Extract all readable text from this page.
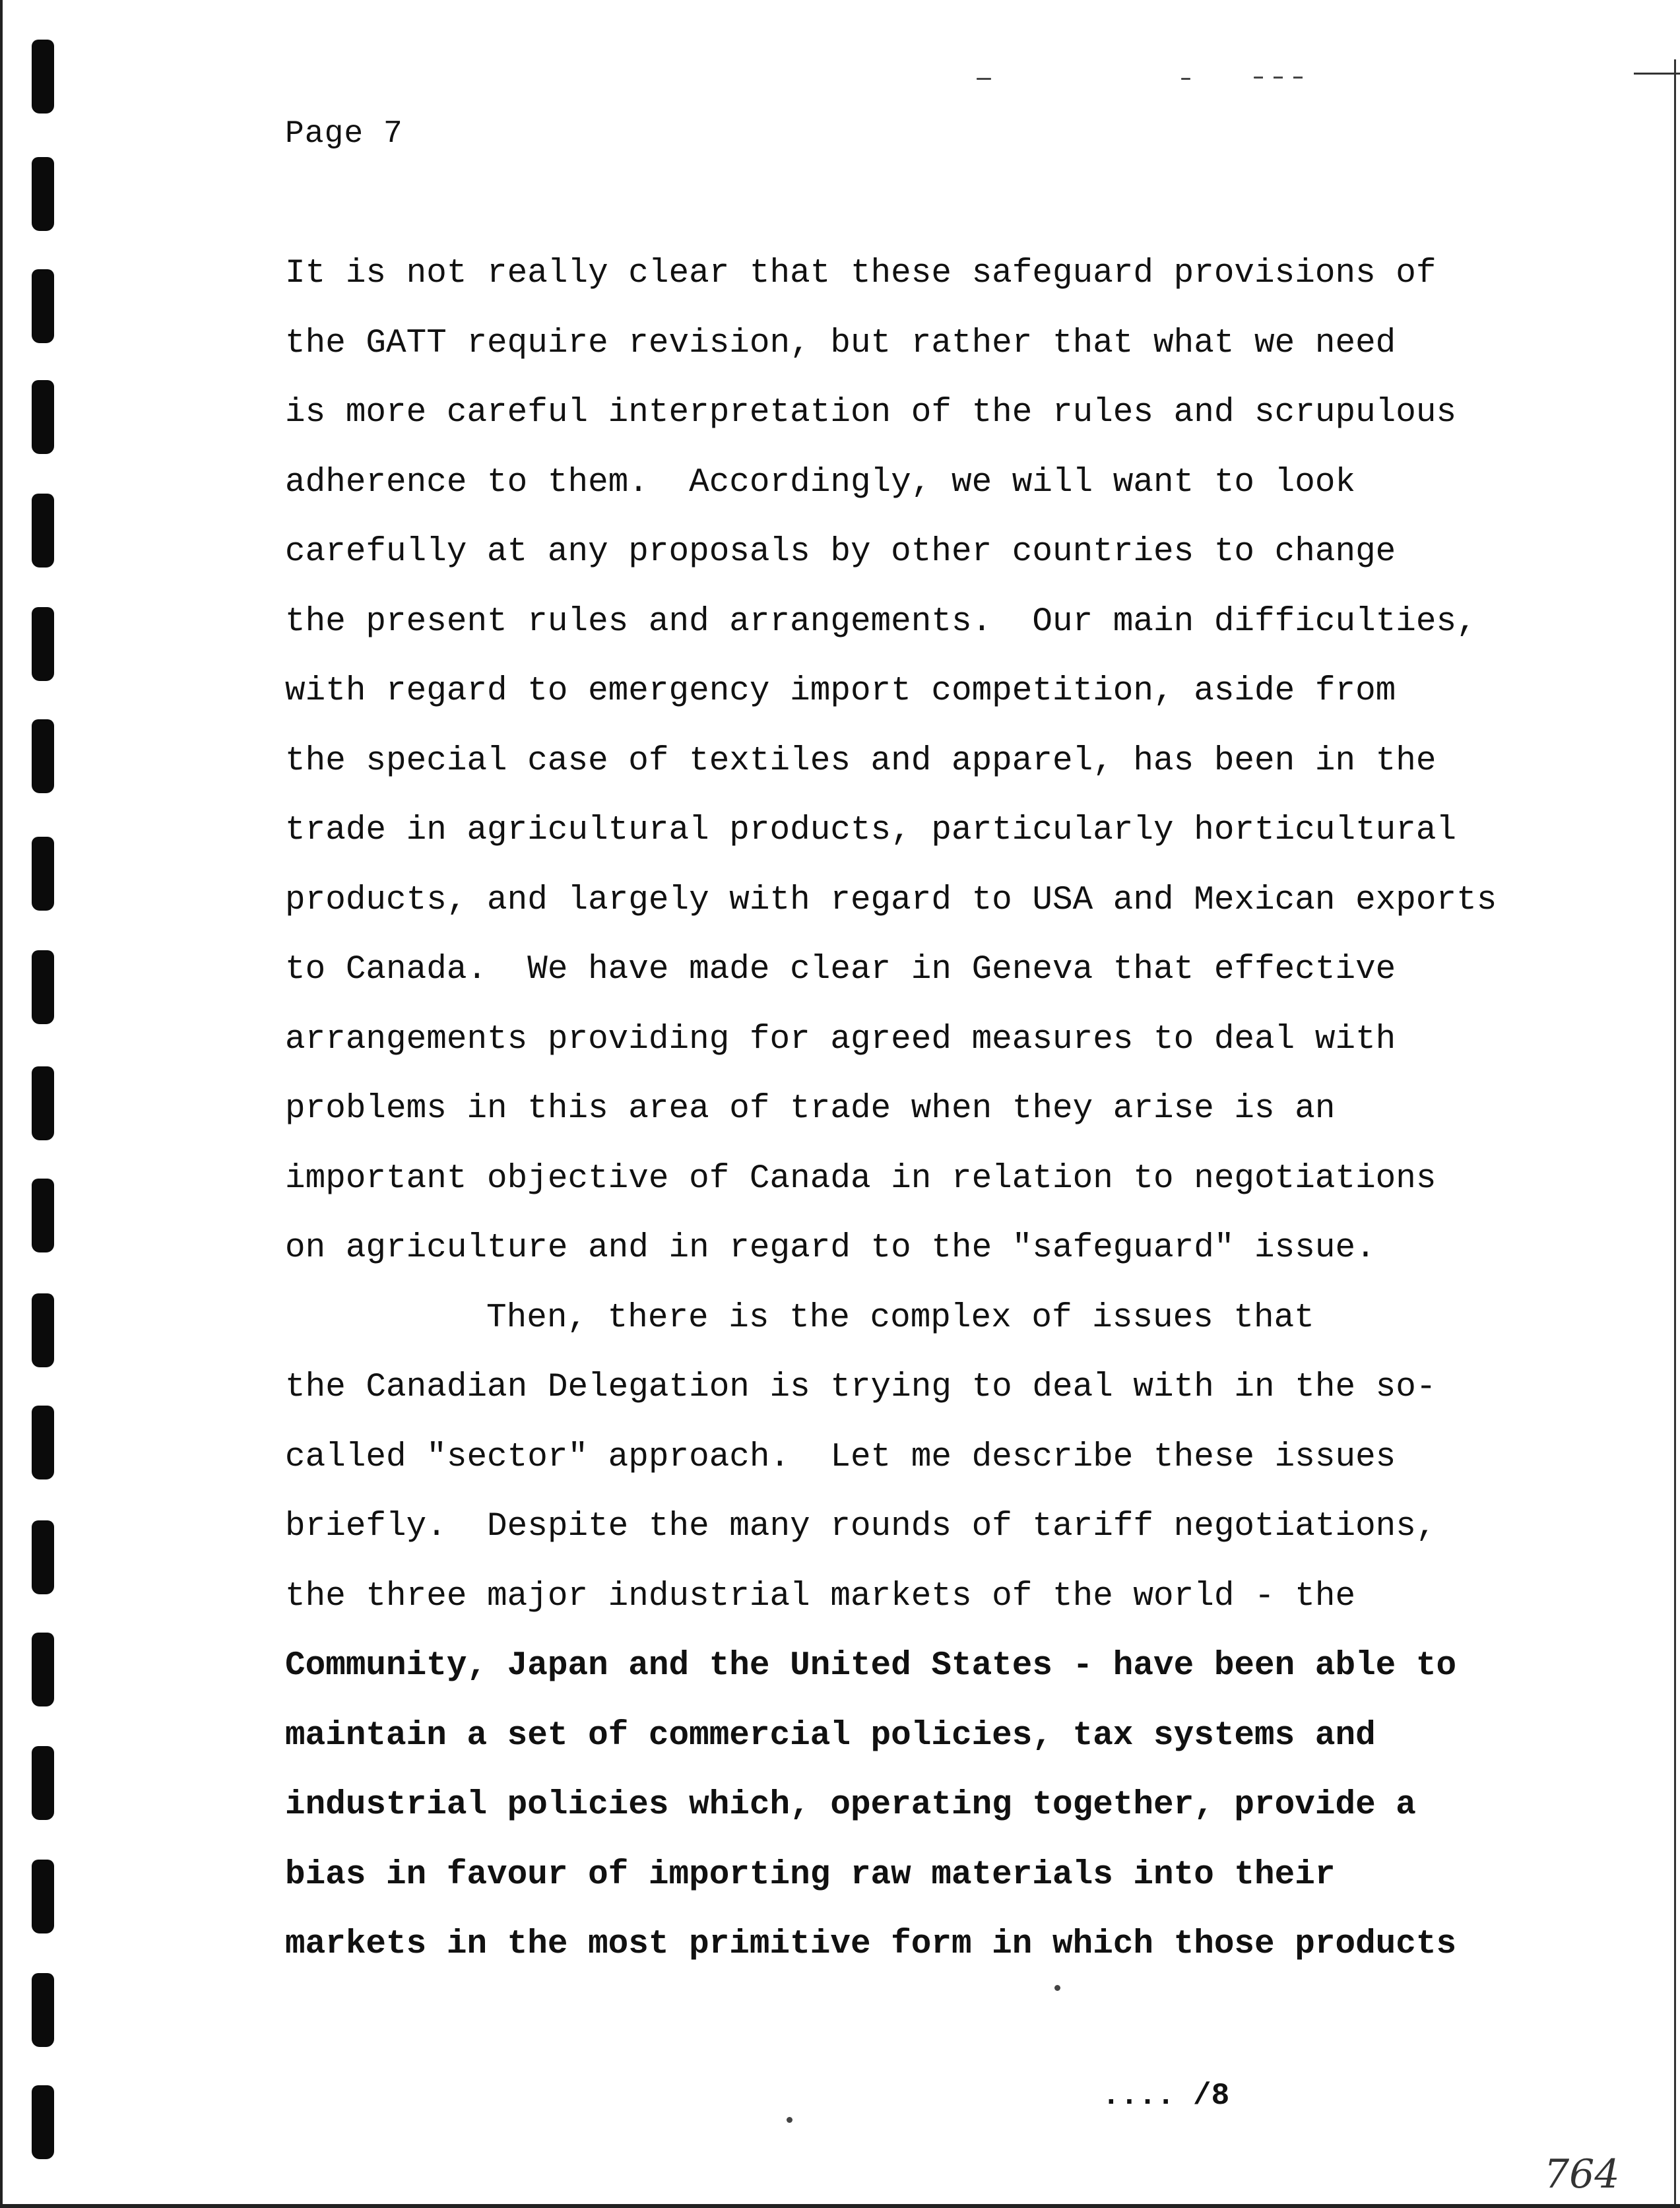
Page 7
It is not really clear that these safeguard provisions of
the GATT require revision, but rather that what we need
is more careful interpretation of the rules and scrupulous
adherence to them.  Accordingly, we will want to look
carefully at any proposals by other countries to change
the present rules and arrangements.  Our main difficulties,
with regard to emergency import competition, aside from
the special case of textiles and apparel, has been in the
trade in agricultural products, particularly horticultural
products, and largely with regard to USA and Mexican exports
to Canada.  We have made clear in Geneva that effective
arrangements providing for agreed measures to deal with
problems in this area of trade when they arise is an
important objective of Canada in relation to negotiations
on agriculture and in regard to the "safeguard" issue.
Then, there is the complex of issues that
the Canadian Delegation is trying to deal with in the so-
called "sector" approach.  Let me describe these issues
briefly.  Despite the many rounds of tariff negotiations,
the three major industrial markets of the world - the
Community, Japan and the United States - have been able to
maintain a set of commercial policies, tax systems and
industrial policies which, operating together, provide a
bias in favour of importing raw materials into their
markets in the most primitive form in which those products
.... /8
764
